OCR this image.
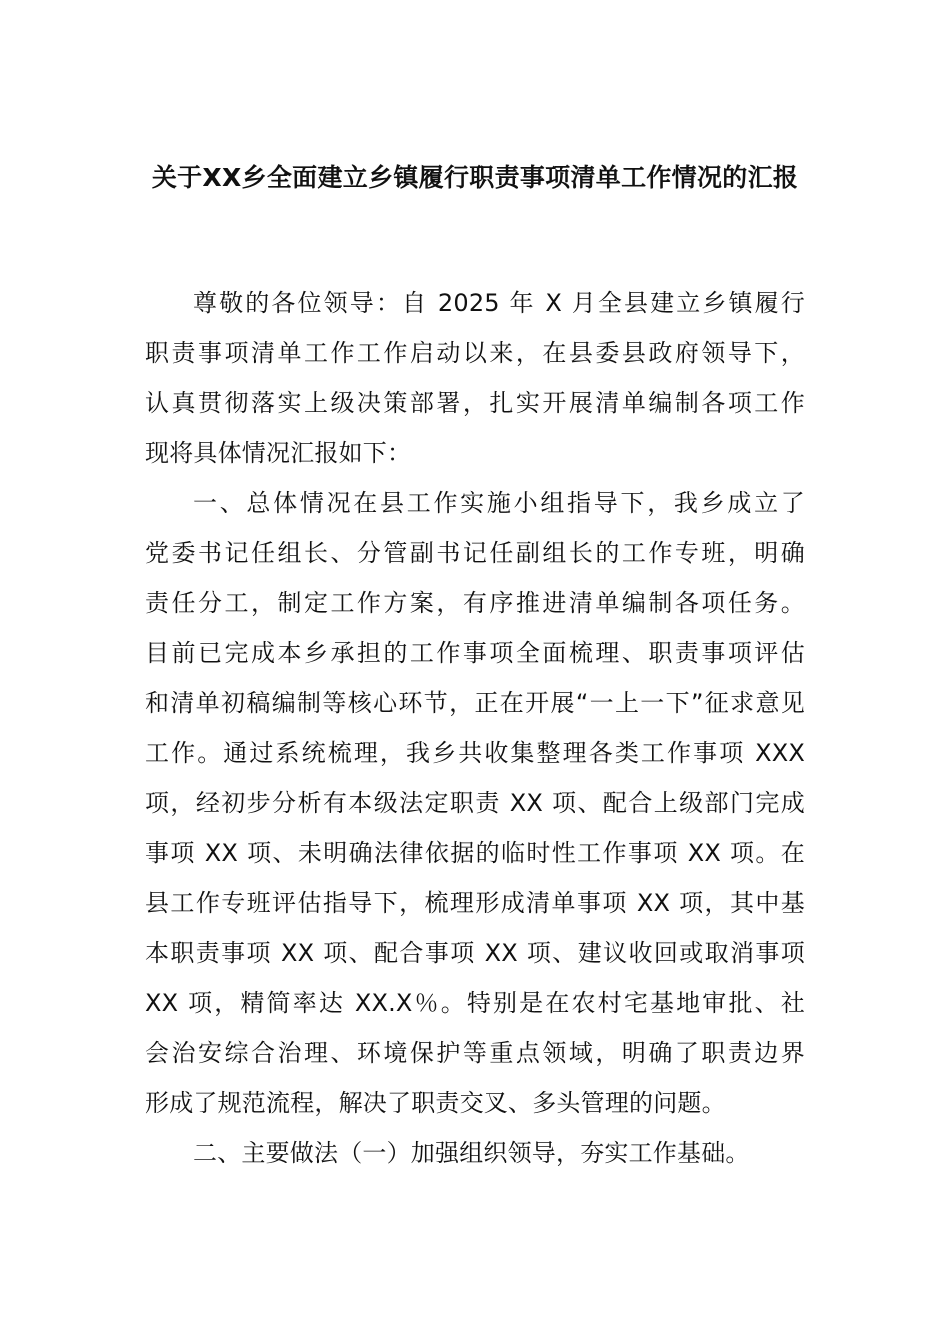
关于XX乡全面建立乡镇履行职责事项清单工作情况的汇报
尊敬的各位领导：自 2025 年 X 月全县建立乡镇履行
职责事项清单工作工作启动以来，在县委县政府领导下，
认真贯彻落实上级决策部署，扎实开展清单编制各项工作
现将具体情况汇报如下：
一、总体情况在县工作实施小组指导下，我乡成立了
党委书记任组长、分管副书记任副组长的工作专班，明确
责任分工，制定工作方案，有序推进清单编制各项任务。
目前已完成本乡承担的工作事项全面梳理、职责事项评估
和清单初稿编制等核心环节，正在开展“一上一下”征求意见
工作。通过系统梳理，我乡共收集整理各类工作事项 XXX
项，经初步分析有本级法定职责 XX 项、配合上级部门完成
事项 XX 项、未明确法律依据的临时性工作事项 XX 项。在
县工作专班评估指导下，梳理形成清单事项 XX 项，其中基
本职责事项 XX 项、配合事项 XX 项、建议收回或取消事项
XX 项，精简率达 XX.X％。特别是在农村宅基地审批、社
会治安综合治理、环境保护等重点领域，明确了职责边界
形成了规范流程，解决了职责交叉、多头管理的问题。
二、主要做法（一）加强组织领导，夯实工作基础。
